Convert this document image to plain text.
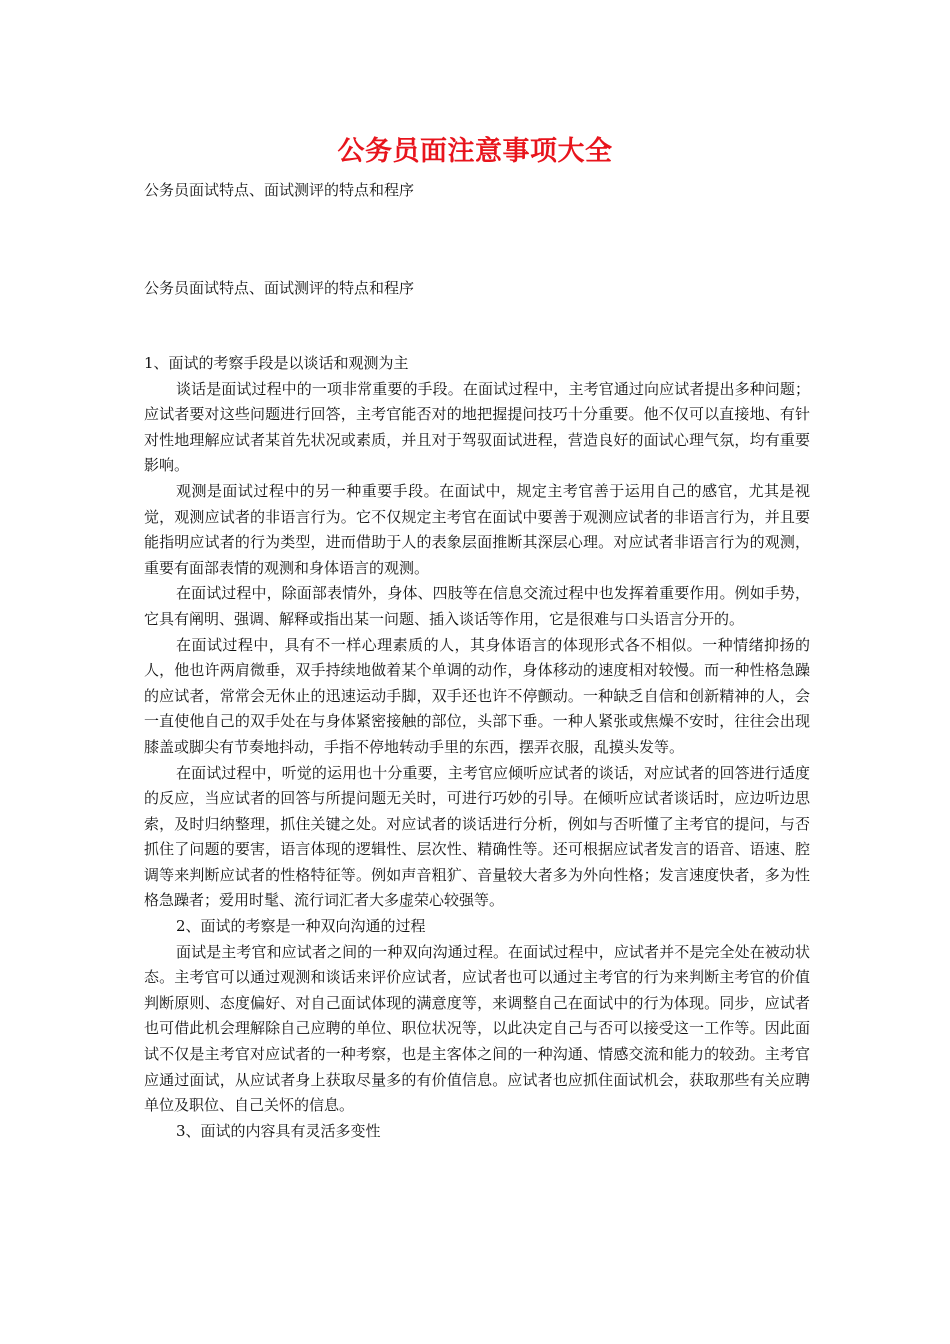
公务员面注意事项大全
公务员面试特点、面试测评的特点和程序
公务员面试特点、面试测评的特点和程序

1、面试的考察手段是以谈话和观测为主

谈话是面试过程中的一项非常重要的手段。在面试过程中，主考官通过向应试者提出多种问题；应试者要对这些问题进行回答，主考官能否对的地把握提问技巧十分重要。他不仅可以直接地、有针对性地理解应试者某首先状况或素质，并且对于驾驭面试进程，营造良好的面试心理气氛，均有重要影响。

观测是面试过程中的另一种重要手段。在面试中，规定主考官善于运用自己的感官，尤其是视觉，观测应试者的非语言行为。它不仅规定主考官在面试中要善于观测应试者的非语言行为，并且要能指明应试者的行为类型，进而借助于人的表象层面推断其深层心理。对应试者非语言行为的观测，重要有面部表情的观测和身体语言的观测。

在面试过程中，除面部表情外，身体、四肢等在信息交流过程中也发挥着重要作用。例如手势，它具有阐明、强调、解释或指出某一问题、插入谈话等作用，它是很难与口头语言分开的。

在面试过程中，具有不一样心理素质的人，其身体语言的体现形式各不相似。一种情绪抑扬的人，他也许两肩微垂，双手持续地做着某个单调的动作，身体移动的速度相对较慢。而一种性格急躁的应试者，常常会无休止的迅速运动手脚，双手还也许不停颤动。一种缺乏自信和创新精神的人，会一直使他自己的双手处在与身体紧密接触的部位，头部下垂。一种人紧张或焦燥不安时，往往会出现膝盖或脚尖有节奏地抖动，手指不停地转动手里的东西，摆弄衣服，乱摸头发等。

在面试过程中，听觉的运用也十分重要，主考官应倾听应试者的谈话，对应试者的回答进行适度的反应，当应试者的回答与所提问题无关时，可进行巧妙的引导。在倾听应试者谈话时，应边听边思索，及时归纳整理，抓住关键之处。对应试者的谈话进行分析，例如与否听懂了主考官的提问，与否抓住了问题的要害，语言体现的逻辑性、层次性、精确性等。还可根据应试者发言的语音、语速、腔调等来判断应试者的性格特征等。例如声音粗犷、音量较大者多为外向性格；发言速度快者，多为性格急躁者；爱用时髦、流行词汇者大多虚荣心较强等。

2、面试的考察是一种双向沟通的过程

面试是主考官和应试者之间的一种双向沟通过程。在面试过程中，应试者并不是完全处在被动状态。主考官可以通过观测和谈话来评价应试者，应试者也可以通过主考官的行为来判断主考官的价值判断原则、态度偏好、对自己面试体现的满意度等，来调整自己在面试中的行为体现。同步，应试者也可借此机会理解除自己应聘的单位、职位状况等，以此决定自己与否可以接受这一工作等。因此面试不仅是主考官对应试者的一种考察，也是主客体之间的一种沟通、情感交流和能力的较劲。主考官应通过面试，从应试者身上获取尽量多的有价值信息。应试者也应抓住面试机会，获取那些有关应聘单位及职位、自己关怀的信息。

3、面试的内容具有灵活多变性
